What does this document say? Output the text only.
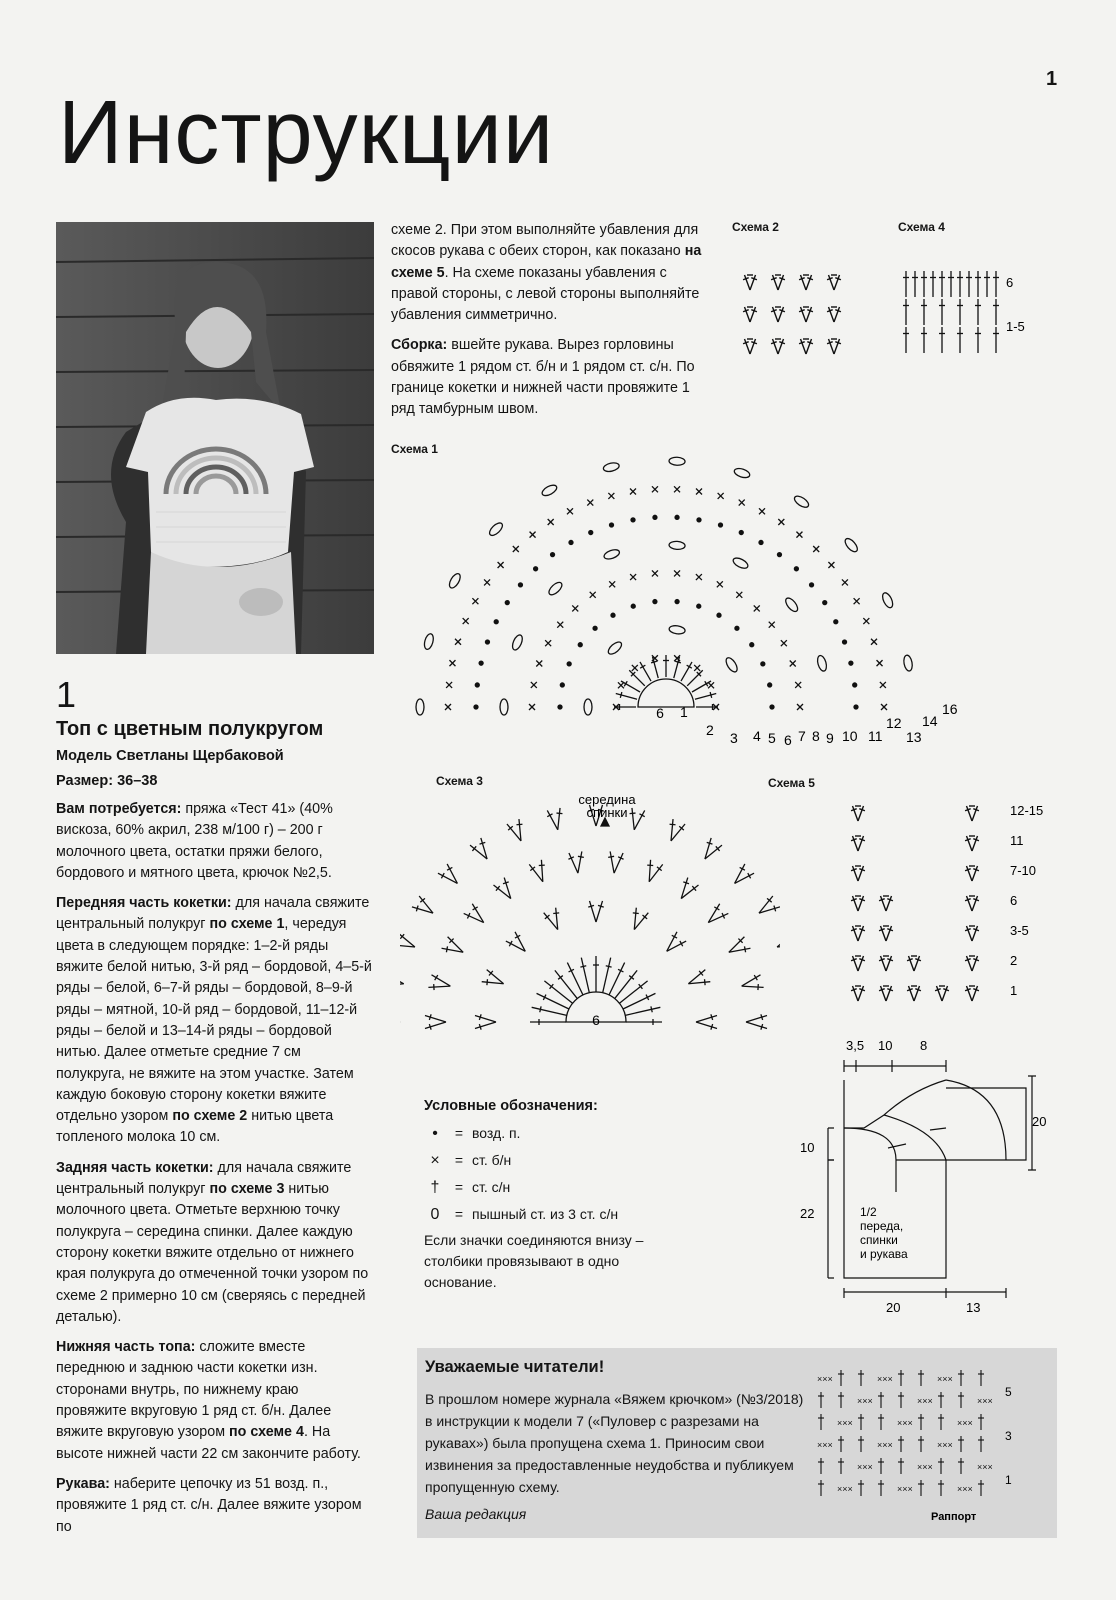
1
Инструкции
1
Топ с цветным полукругом
Модель Светланы Щербаковой
Размер: 36–38

Вам потребуется: пряжа «Тест 41» (40% вискоза, 60% акрил, 238 м/100 г) – 200 г молочного цвета, остатки пряжи белого, бордового и мятного цвета, крючок №2,5.

Передняя часть кокетки: для начала свяжите центральный полукруг по схеме 1, чередуя цвета в следующем порядке: 1–2-й ряды вяжите белой нитью, 3-й ряд – бордовой, 4–5-й ряды – белой, 6–7-й ряды – бордовой, 8–9-й ряды – мятной, 10-й ряд – бордовой, 11–12-й ряды – белой и 13–14-й ряды – бордовой нитью. Далее отметьте средние 7 см полукруга, не вяжите на этом участке. Затем каждую боковую сторону кокетки вяжите отдельно узором по схеме 2 нитью цвета топленого молока 10 см.

Задняя часть кокетки: для начала свяжите центральный полукруг по схеме 3 нитью молочного цвета. Отметьте верхнюю точку полукруга – середина спинки. Далее каждую сторону кокетки вяжите отдельно от нижнего края полукруга до отмеченной точки узором по схеме 2 примерно 10 см (сверяясь с передней деталью).

Нижняя часть топа: сложите вместе переднюю и заднюю части кокетки изн. сторонами внутрь, по нижнему краю провяжите вкруговую 1 ряд ст. б/н. Далее вяжите вкруговую узором по схеме 4. На высоте нижней части 22 см закончите работу.

Рукава: наберите цепочку из 51 возд. п., провяжите 1 ряд ст. с/н. Далее вяжите узором по

схеме 2. При этом выполняйте убавления для скосов рукава с обеих сторон, как показано на схеме 5. На схеме показаны убавления с правой стороны, с левой стороны выполняйте убавления симметрично.

Сборка: вшейте рукава. Вырез горловины обвяжите 1 рядом ст. б/н и 1 рядом ст. с/н. По границе кокетки и нижней части провяжите 1 ряд тамбурным швом.

Схема 2	Схема 4
Схема 1
Схема 3	Схема 5
6
1-5
1
2 3 4 5 6 7 8 9 10 11
12
13
14
16
6
середина
спинки
6
12-15
11
7-10
6
3-5
2
1
3,5 10 8
20
10
22
20	13
1/2
переда,
спинки
и рукава
Условные обозначения:
•	= возд. п.
×	= ст. б/н
†	= ст. с/н
0	= пышный ст. из 3 ст. с/н
Если значки соединяются внизу – столбики провязывают в одно основание.
Уважаемые читатели!
В прошлом номере журнала «Вяжем крючком» (№3/2018) в инструкции к модели 7 («Пуловер с разрезами на рукавах») была пропущена схема 1. Приносим свои извинения за предоставленные неудобства и публикуем пропущенную схему.
Ваша редакция
×××	×××	×××
×××	×××	×××
×××	×××	×××
×××	×××	×××
×××	×××	×××
×××	×××	×××
5
3
1
Раппорт
